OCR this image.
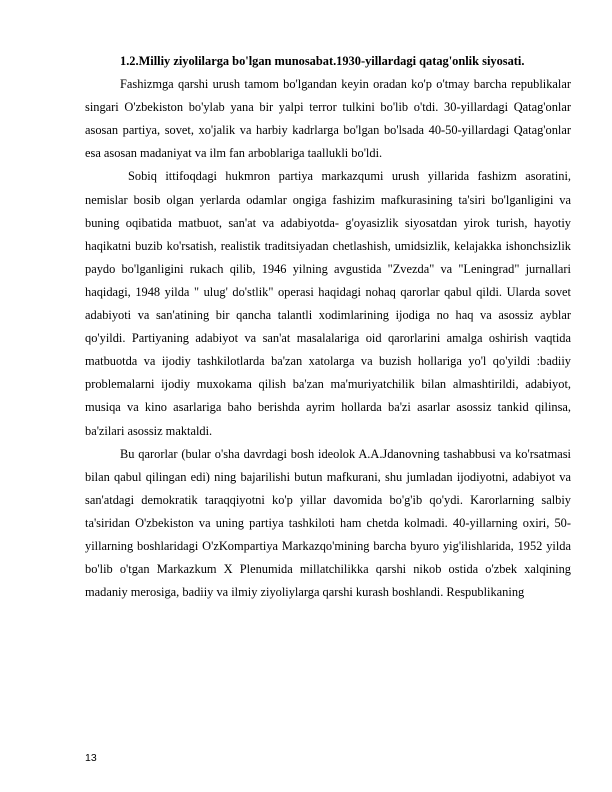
1.2.Milliy ziyolilarga bo'lgan munosabat.1930-yillardagi qatag'onlik siyosati.

Fashizmga qarshi urush tamom bo'lgandan keyin oradan ko'p o'tmay barcha republikalar singari O'zbekiston bo'ylab yana bir yalpi terror tulkini bo'lib o'tdi. 30-yillardagi Qatag'onlar asosan partiya, sovet, xo'jalik va harbiy kadrlarga bo'lgan bo'lsada 40-50-yillardagi Qatag'onlar esa asosan madaniyat va ilm fan arboblariga taallukli bo'ldi.

Sobiq ittifoqdagi hukmron partiya markazqumi urush yillarida fashizm asoratini, nemislar bosib olgan yerlarda odamlar ongiga fashizim mafkurasining ta'siri bo'lganligini va buning oqibatida matbuot, san'at va adabiyotda- g'oyasizlik siyosatdan yirok turish, hayotiy haqikatni buzib ko'rsatish, realistik traditsiyadan chetlashish, umidsizlik, kelajakka ishonchsizlik paydo bo'lganligini rukach qilib, 1946 yilning avgustida "Zvezda" va "Leningrad" jurnallari haqidagi, 1948 yilda " ulug' do'stlik" operasi haqidagi nohaq qarorlar qabul qildi. Ularda sovet adabiyoti va san'atining bir qancha talantli xodimlarining ijodiga no haq va asossiz ayblar qo'yildi. Partiyaning adabiyot va san'at masalalariga oid qarorlarini amalga oshirish vaqtida matbuotda va ijodiy tashkilotlarda ba'zan xatolarga va buzish hollariga yo'l qo'yildi :badiiy problemalarni ijodiy muxokama qilish ba'zan ma'muriyatchilik bilan almashtirildi, adabiyot, musiqa va kino asarlariga baho berishda ayrim hollarda ba'zi asarlar asossiz tankid qilinsa, ba'zilari asossiz maktaldi.

Bu qarorlar (bular o'sha davrdagi bosh ideolok A.A.Jdanovning tashabbusi va ko'rsatmasi bilan qabul qilingan edi) ning bajarilishi butun mafkurani, shu jumladan ijodiyotni, adabiyot va san'atdagi demokratik taraqqiyotni ko'p yillar davomida bo'g'ib qo'ydi. Karorlarning salbiy ta'siridan O'zbekiston va uning partiya tashkiloti ham chetda kolmadi. 40-yillarning oxiri, 50-yillarning boshlaridagi O'zKompartiya Markazqo'mining barcha byuro yig'ilishlarida, 1952 yilda bo'lib o'tgan Markazkum X Plenumida millatchilikka qarshi nikob ostida o'zbek xalqining madaniy merosiga, badiiy va ilmiy ziyoliylarga qarshi kurash boshlandi. Respublikaning

13
